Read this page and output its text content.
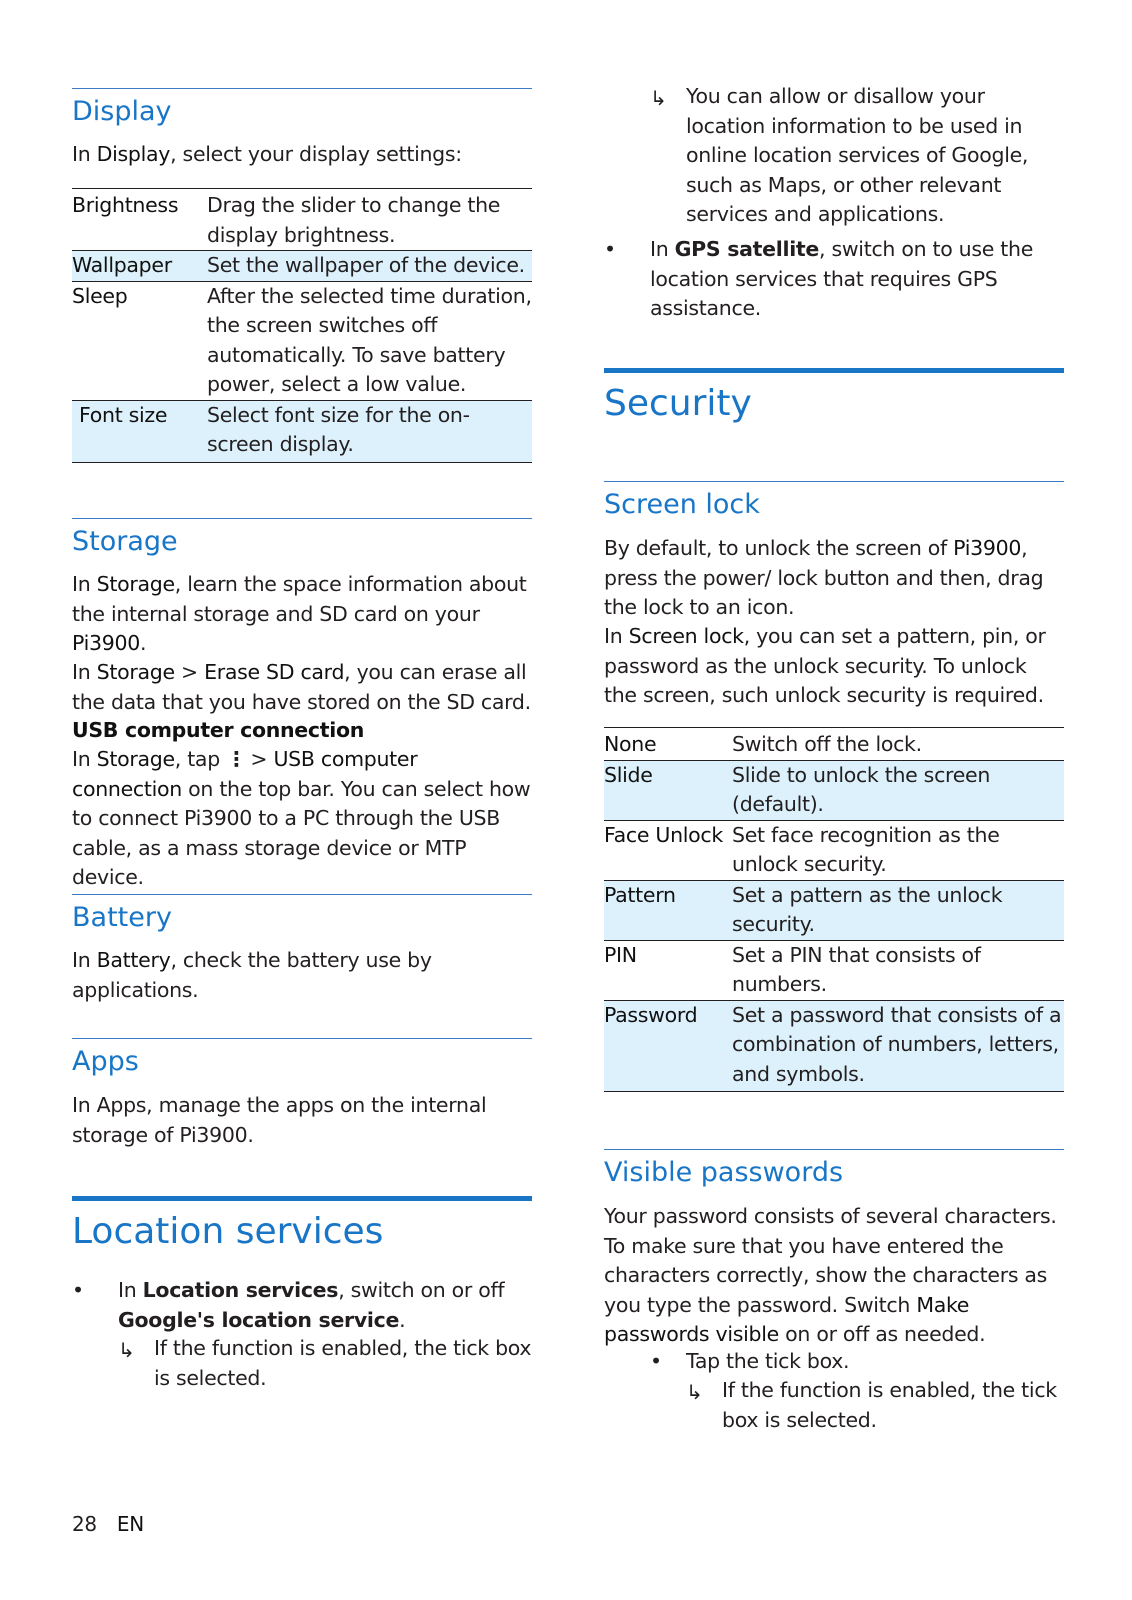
Display

In Display, select your display settings:

Brightness	Drag the slider to change the display brightness.
Wallpaper	Set the wallpaper of the device.
Sleep	After the selected time duration, the screen switches off automatically. To save battery power, select a low value.
Font size	Select font size for the on-screen display.
Storage

In Storage, learn the space information about the internal storage and SD card on your Pi3900.

In Storage > Erase SD card, you can erase all the data that you have stored on the SD card.

USB computer connection

In Storage, tap ⋮ > USB computer connection on the top bar. You can select how to connect Pi3900 to a PC through the USB cable, as a mass storage device or MTP device.

Battery

In Battery, check the battery use by applications.

Apps

In Apps, manage the apps on the internal storage of Pi3900.

Location services
• In Location services, switch on or off Google's location service.
↳ If the function is enabled, the tick box is selected.
↳ You can allow or disallow your location information to be used in online location services of Google, such as Maps, or other relevant services and applications.
• In GPS satellite, switch on to use the location services that requires GPS assistance.
Security
Screen lock

By default, to unlock the screen of Pi3900, press the power/ lock button and then, drag the lock to an icon.

In Screen lock, you can set a pattern, pin, or password as the unlock security. To unlock the screen, such unlock security is required.

None	Switch off the lock.
Slide	Slide to unlock the screen (default).
Face Unlock	Set face recognition as the unlock security.
Pattern	Set a pattern as the unlock security.
PIN	Set a PIN that consists of numbers.
Password	Set a password that consists of a combination of numbers, letters, and symbols.
Visible passwords

Your password consists of several characters. To make sure that you have entered the characters correctly, show the characters as you type the password. Switch Make passwords visible on or off as needed.

• Tap the tick box.
↳ If the function is enabled, the tick box is selected.
28 EN
